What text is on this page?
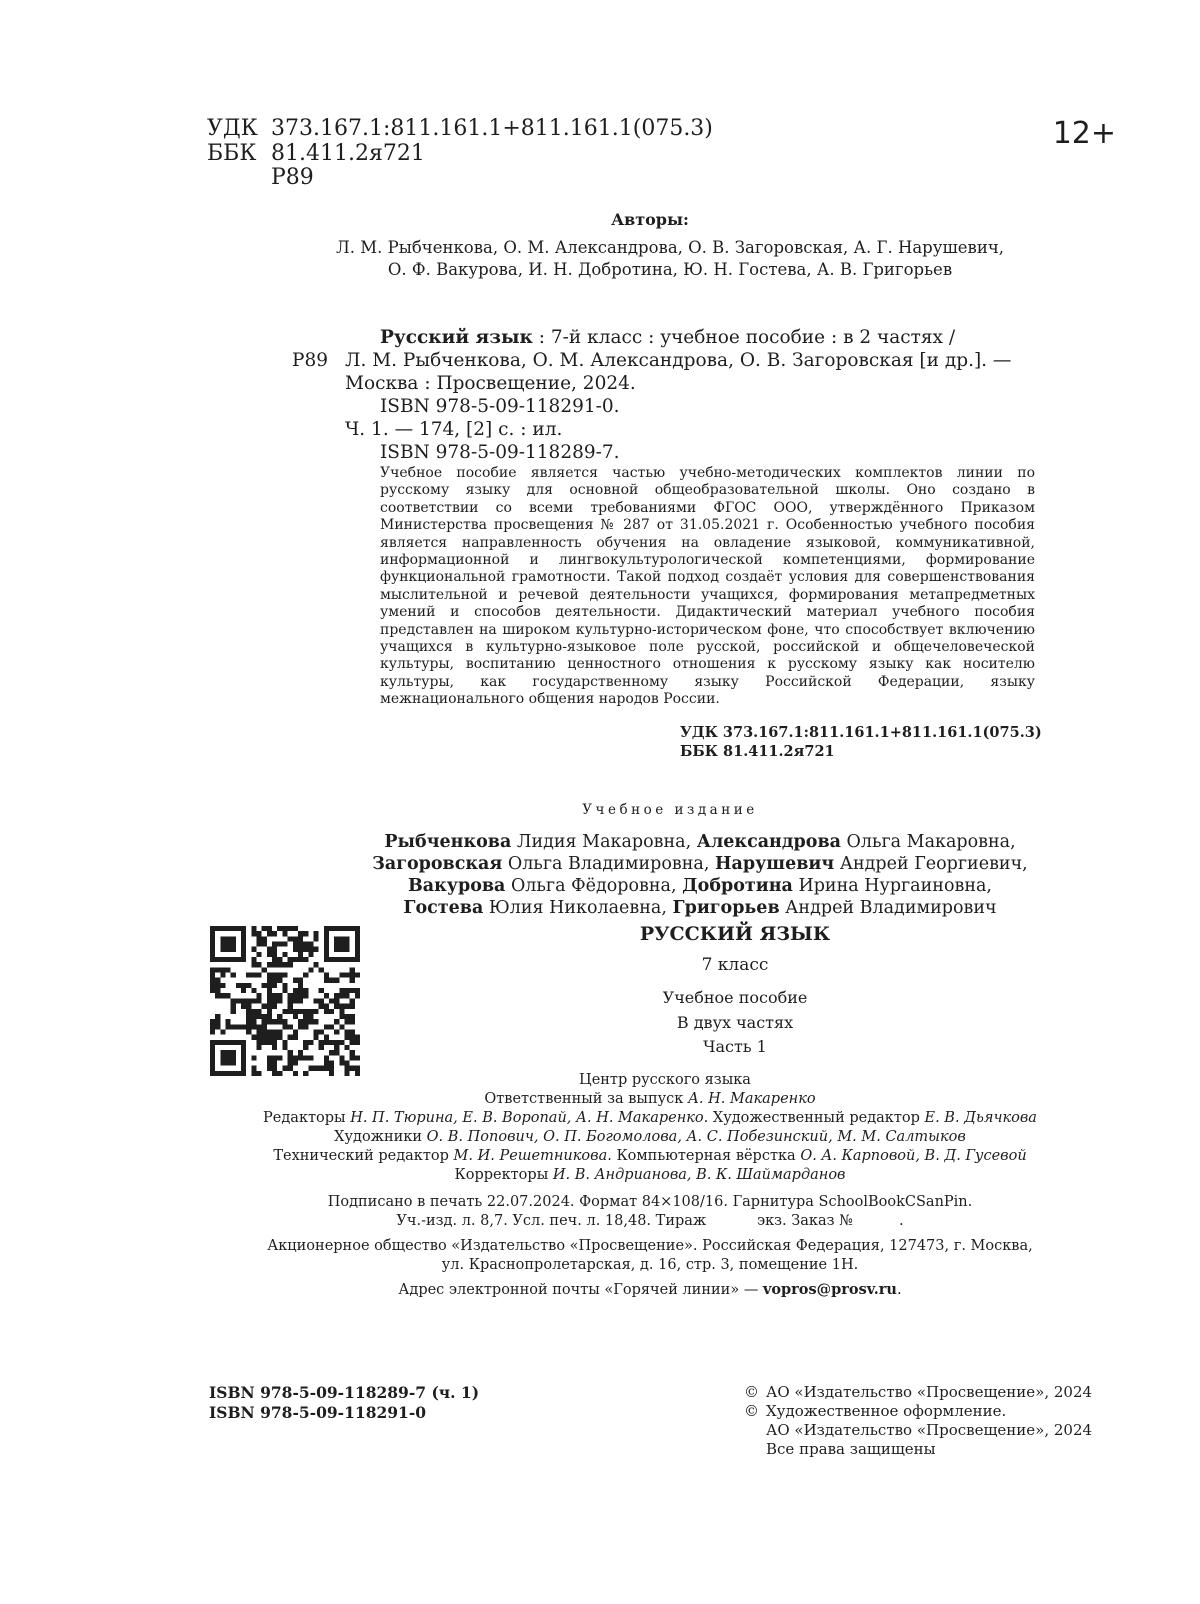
УДК 373.167.1:811.161.1+811.161.1(075.3)
ББК 81.411.2я721
Р89
12+
Авторы:
Л. М. Рыбченкова, О. М. Александрова, О. В. Загоровская, А. Г. Нарушевич,
О. Ф. Вакурова, И. Н. Добротина, Ю. Н. Гостева, А. В. Григорьев
Русский язык : 7-й класс : учебное пособие : в 2 частях /
Р89 Л. М. Рыбченкова, О. М. Александрова, О. В. Загоровская [и др.]. —
Москва : Просвещение, 2024.
ISBN 978-5-09-118291-0.
Ч. 1. — 174, [2] с. : ил.
ISBN 978-5-09-118289-7.

Учебное пособие является частью учебно-методических комплектов линии по русскому языку для основной общеобразовательной школы. Оно создано в соответствии со всеми требованиями ФГОС ООО, утверждённого Приказом Министерства просвещения № 287 от 31.05.2021 г. Особенностью учебного пособия является направленность обучения на овладение языковой, коммуникативной, информационной и лингвокультурологической компетенциями, формирование функциональной грамотности. Такой подход создаёт условия для совершенствования мыслительной и речевой деятельности учащихся, формирования метапредметных умений и способов деятельности. Дидактический материал учебного пособия представлен на широком культурно-историческом фоне, что способствует включению учащихся в культурно-языковое поле русской, российской и общечеловеческой культуры, воспитанию ценностного отношения к русскому языку как носителю культуры, как государственному языку Российской Федерации, языку межнационального общения народов России.

УДК 373.167.1:811.161.1+811.161.1(075.3)
ББК 81.411.2я721
Учебное издание
Рыбченкова Лидия Макаровна, Александрова Ольга Макаровна,
Загоровская Ольга Владимировна, Нарушевич Андрей Георгиевич,
Вакурова Ольга Фёдоровна, Добротина Ирина Нургаиновна,
Гостева Юлия Николаевна, Григорьев Андрей Владимирович
РУССКИЙ ЯЗЫК
7 класс
Учебное пособие
В двух частях
Часть 1
Центр русского языка
Ответственный за выпуск А. Н. Макаренко
Редакторы Н. П. Тюрина, Е. В. Воропай, А. Н. Макаренко. Художественный редактор Е. В. Дьячкова
Художники О. В. Попович, О. П. Богомолова, А. С. Побезинский, М. М. Салтыков
Технический редактор М. И. Решетникова. Компьютерная вёрстка О. А. Карповой, В. Д. Гусевой
Корректоры И. В. Андрианова, В. К. Шаймарданов
Подписано в печать 22.07.2024. Формат 84×108/16. Гарнитура SchoolBookCSanPin.
Уч.-изд. л. 8,7. Усл. печ. л. 18,48. Тираж           экз. Заказ №          .
Акционерное общество «Издательство «Просвещение». Российская Федерация, 127473, г. Москва,
ул. Краснопролетарская, д. 16, стр. 3, помещение 1Н.
Адрес электронной почты «Горячей линии» — vopros@prosv.ru.
ISBN 978-5-09-118289-7 (ч. 1)
ISBN 978-5-09-118291-0
© АО «Издательство «Просвещение», 2024
© Художественное оформление.
АО «Издательство «Просвещение», 2024
Все права защищены
